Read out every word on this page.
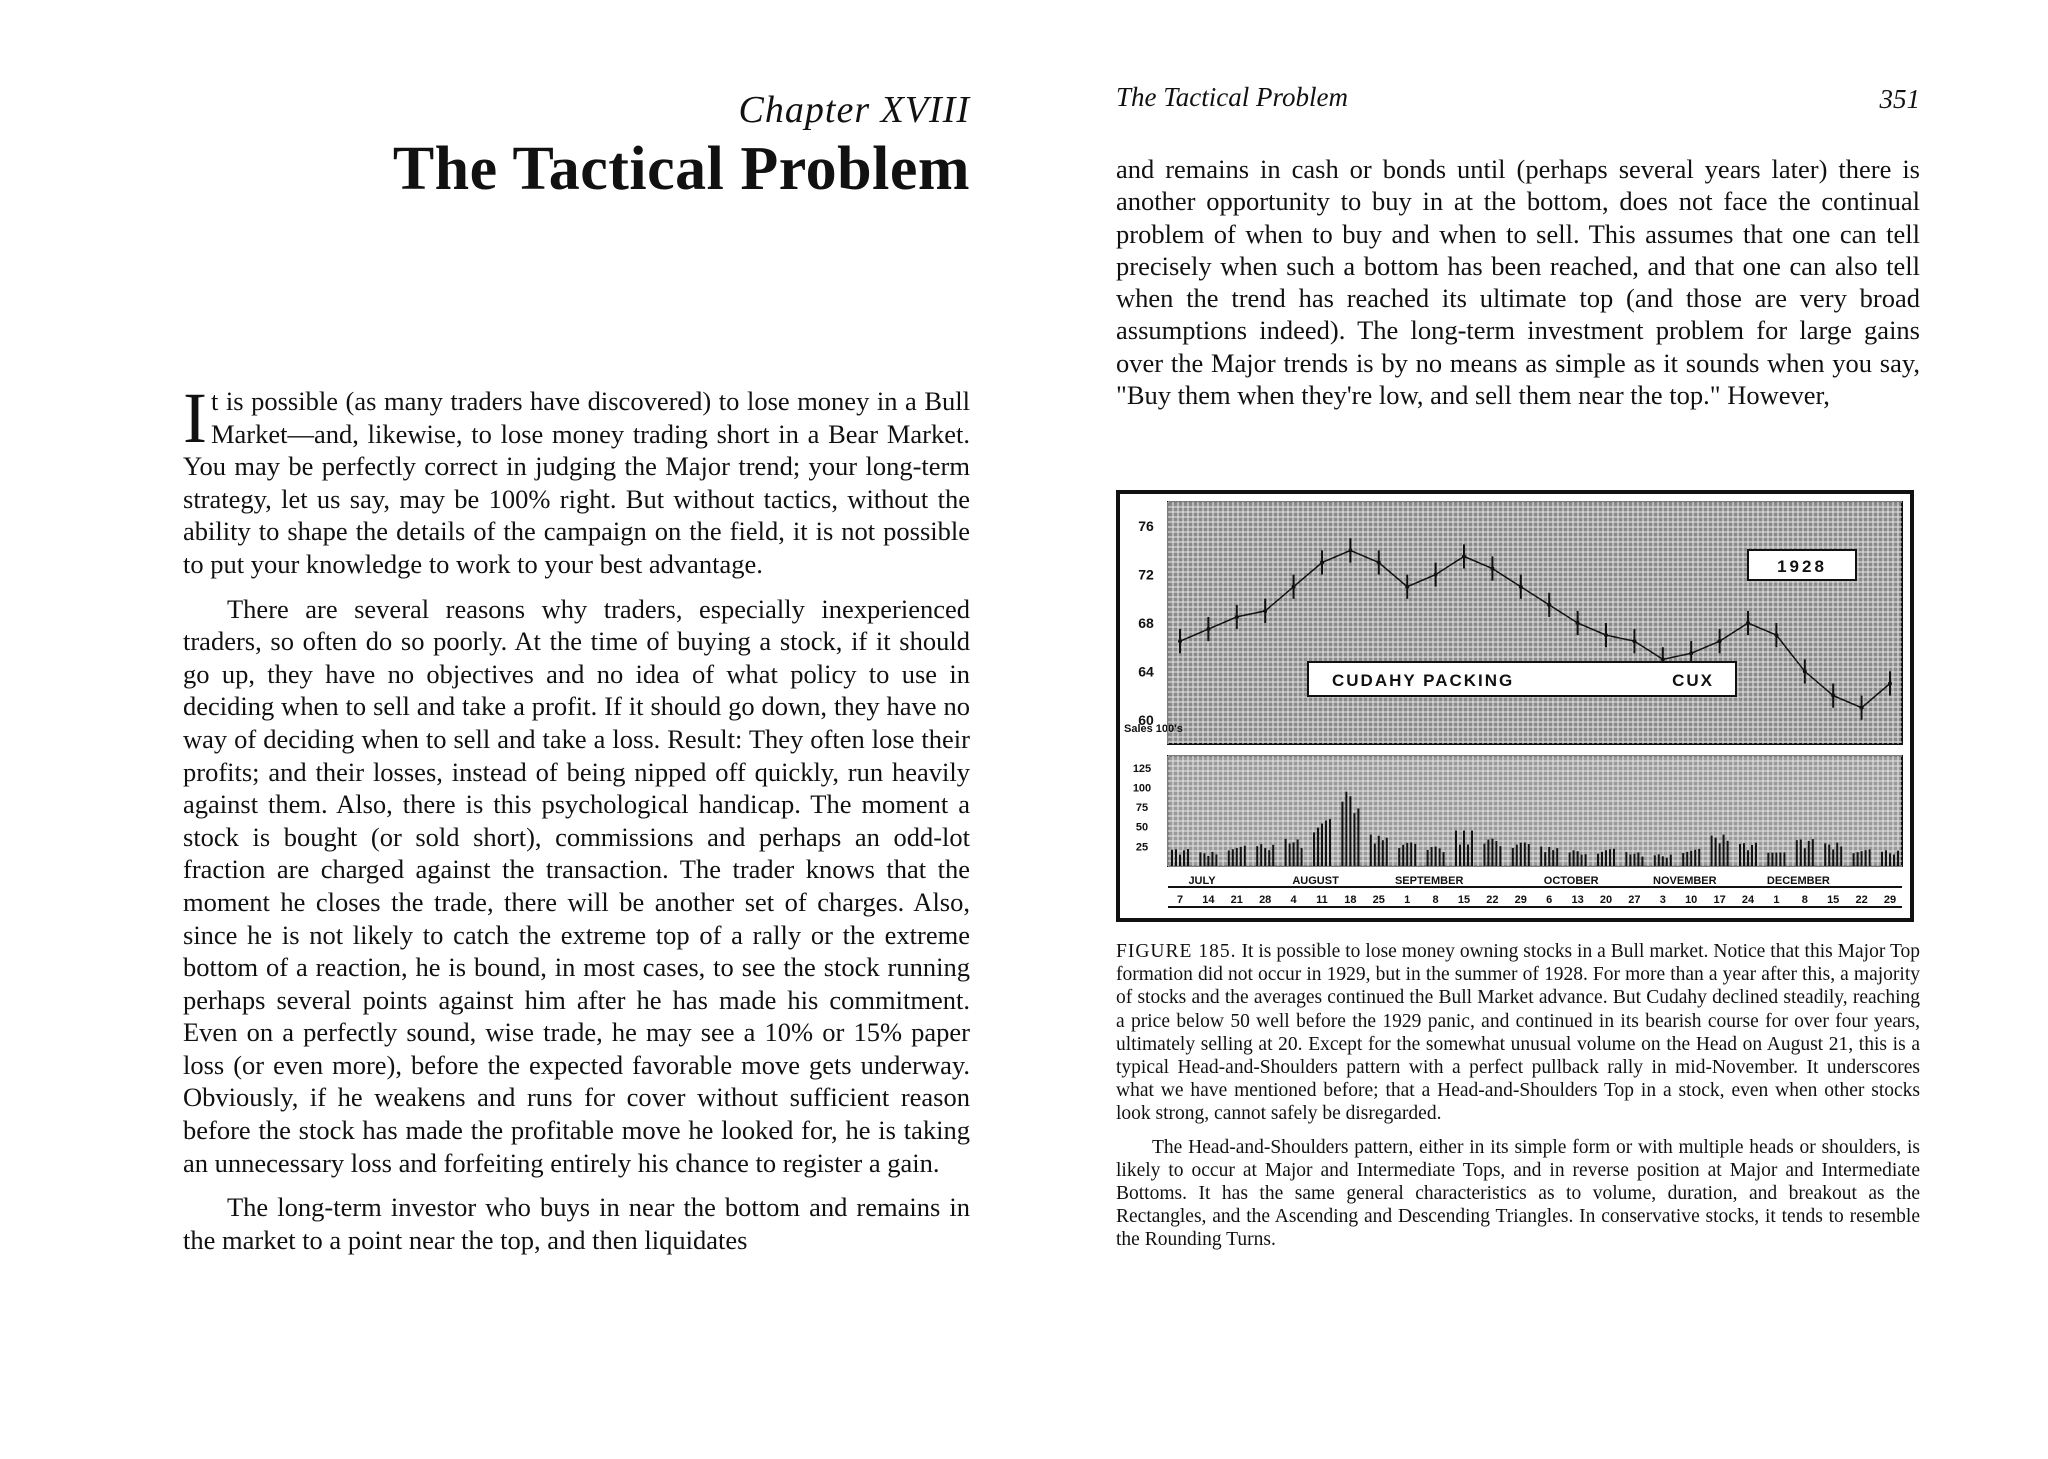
Chapter XVIII
The Tactical Problem

It is possible (as many traders have discovered) to lose money in a Bull Market—and, likewise, to lose money trading short in a Bear Market. You may be perfectly correct in judging the Major trend; your long-term strategy, let us say, may be 100% right. But without tactics, without the ability to shape the details of the campaign on the field, it is not possible to put your knowledge to work to your best advantage.

There are several reasons why traders, especially inexperienced traders, so often do so poorly. At the time of buying a stock, if it should go up, they have no objectives and no idea of what policy to use in deciding when to sell and take a profit. If it should go down, they have no way of deciding when to sell and take a loss. Result: They often lose their profits; and their losses, instead of being nipped off quickly, run heavily against them. Also, there is this psychological handicap. The moment a stock is bought (or sold short), commissions and perhaps an odd-lot fraction are charged against the transaction. The trader knows that the moment he closes the trade, there will be another set of charges. Also, since he is not likely to catch the extreme top of a rally or the extreme bottom of a reaction, he is bound, in most cases, to see the stock running perhaps several points against him after he has made his commitment. Even on a perfectly sound, wise trade, he may see a 10% or 15% paper loss (or even more), before the expected favorable move gets underway. Obviously, if he weakens and runs for cover without sufficient reason before the stock has made the profitable move he looked for, he is taking an unnecessary loss and forfeiting entirely his chance to register a gain.

The long-term investor who buys in near the bottom and remains in the market to a point near the top, and then liquidates

The Tactical Problem	351

and remains in cash or bonds until (perhaps several years later) there is another opportunity to buy in at the bottom, does not face the continual problem of when to buy and when to sell. This assumes that one can tell precisely when such a bottom has been reached, and that one can also tell when the trend has reached its ultimate top (and those are very broad assumptions indeed). The long-term investment problem for large gains over the Major trends is by no means as simple as it sounds when you say, "Buy them when they're low, and sell them near the top." However,

76
72
68
64
60
125
100
75
50
25
Sales 100's
1928
CUDAHY PACKING	CUX
JULY	AUGUST	SEPTEMBER	OCTOBER	NOVEMBER	DECEMBER
7 14 21 28 4 11 18 25 1 8 15 22 29 6 13 20 27 3 10 17 24 1 8 15 22 29

FIGURE 185. It is possible to lose money owning stocks in a Bull market. Notice that this Major Top formation did not occur in 1929, but in the summer of 1928. For more than a year after this, a majority of stocks and the averages continued the Bull Market advance. But Cudahy declined steadily, reaching a price below 50 well before the 1929 panic, and continued in its bearish course for over four years, ultimately selling at 20. Except for the somewhat unusual volume on the Head on August 21, this is a typical Head-and-Shoulders pattern with a perfect pullback rally in mid-November. It underscores what we have mentioned before; that a Head-and-Shoulders Top in a stock, even when other stocks look strong, cannot safely be disregarded.

The Head-and-Shoulders pattern, either in its simple form or with multiple heads or shoulders, is likely to occur at Major and Intermediate Tops, and in reverse position at Major and Intermediate Bottoms. It has the same general characteristics as to volume, duration, and breakout as the Rectangles, and the Ascending and Descending Triangles. In conservative stocks, it tends to resemble the Rounding Turns.
